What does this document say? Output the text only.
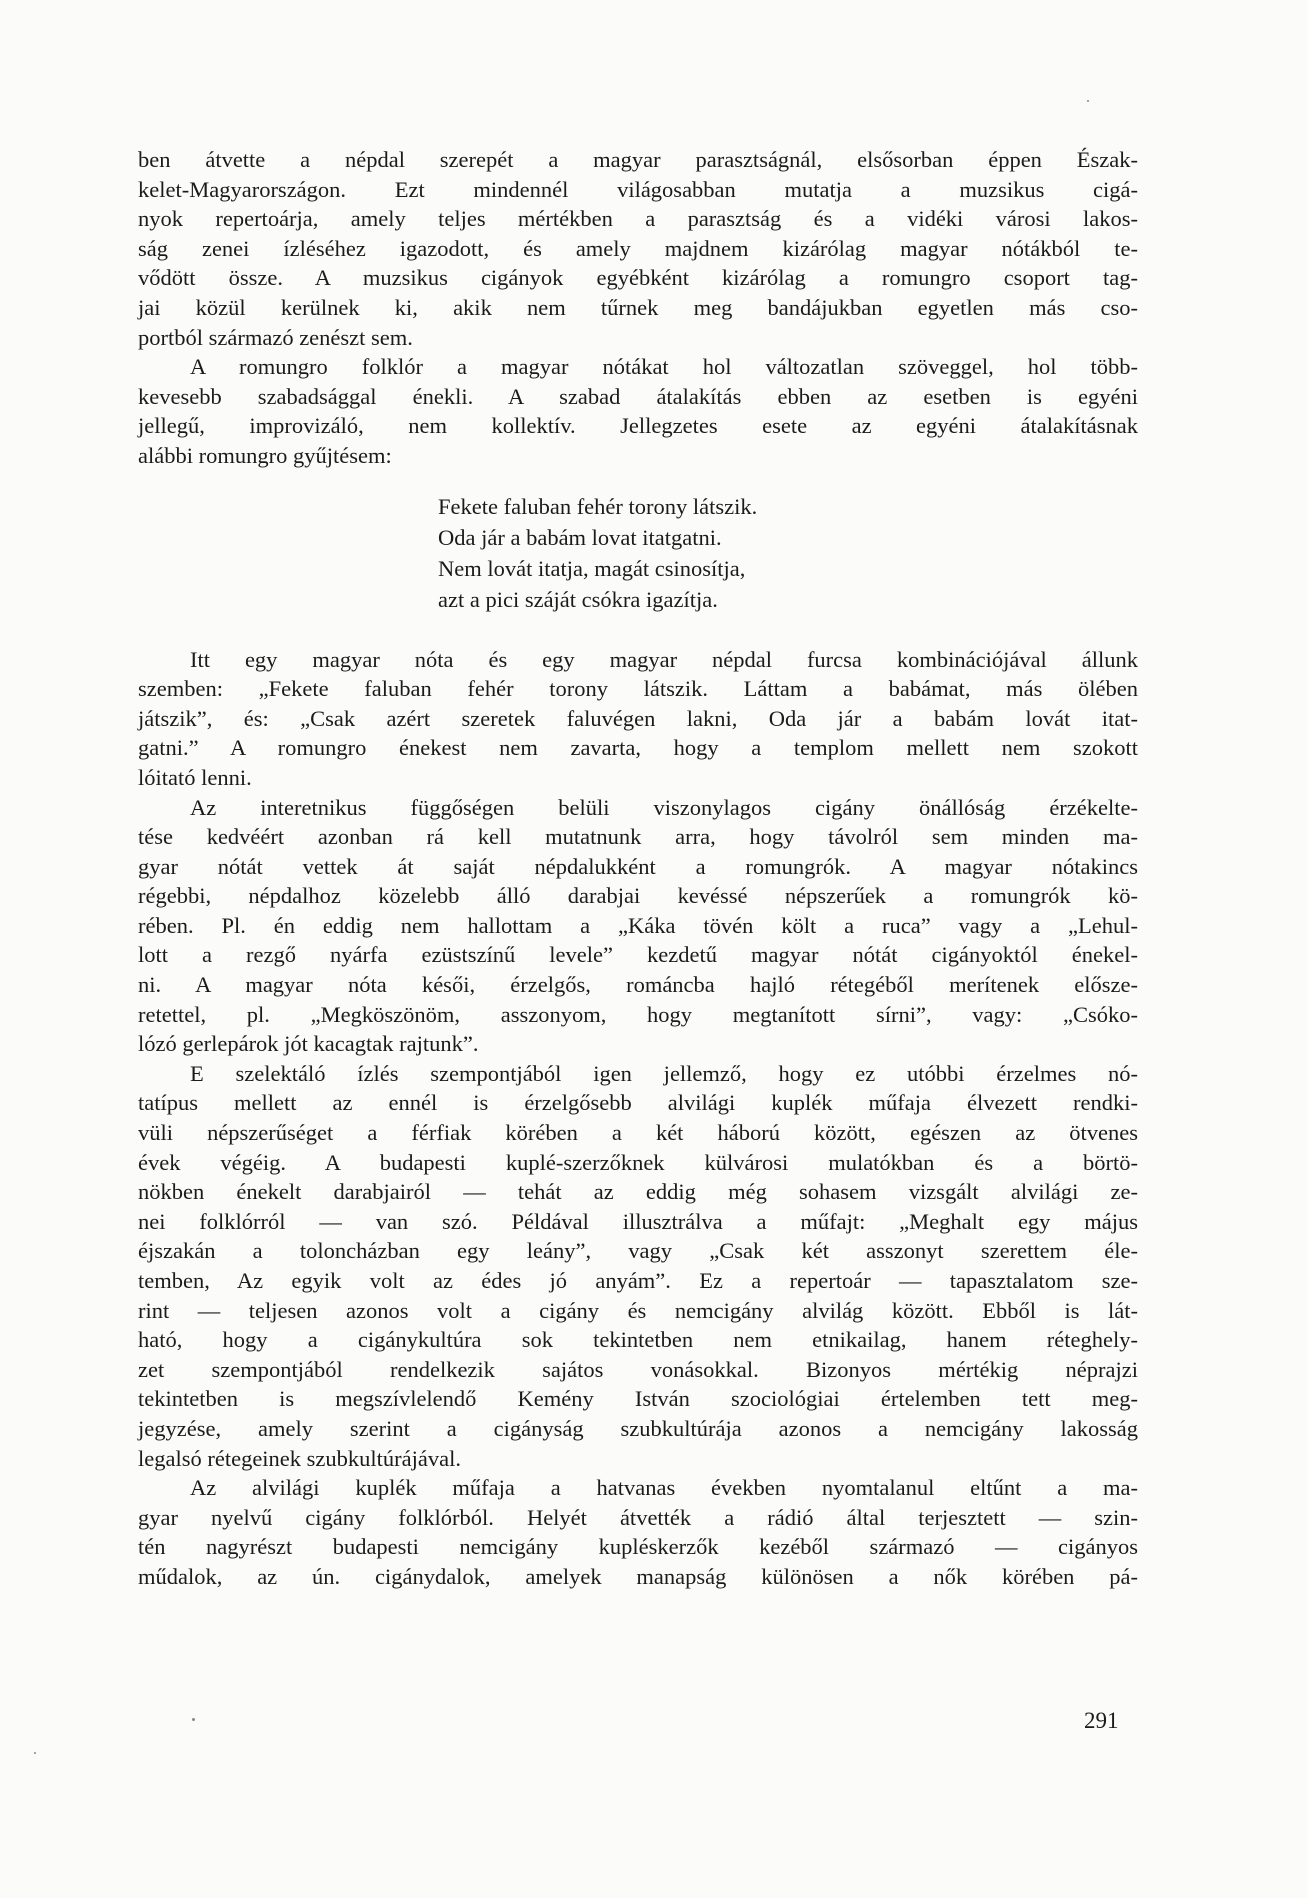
ben átvette a népdal szerepét a magyar parasztságnál, elsősorban éppen Észak-
kelet-Magyarországon. Ezt mindennél világosabban mutatja a muzsikus cigá-
nyok repertoárja, amely teljes mértékben a parasztság és a vidéki városi lakos-
ság zenei ízléséhez igazodott, és amely majdnem kizárólag magyar nótákból te-
vődött össze. A muzsikus cigányok egyébként kizárólag a romungro csoport tag-
jai közül kerülnek ki, akik nem tűrnek meg bandájukban egyetlen más cso-
portból származó zenészt sem.
A romungro folklór a magyar nótákat hol változatlan szöveggel, hol több-
kevesebb szabadsággal énekli. A szabad átalakítás ebben az esetben is egyéni
jellegű, improvizáló, nem kollektív. Jellegzetes esete az egyéni átalakításnak
alábbi romungro gyűjtésem:
Fekete faluban fehér torony látszik.
Oda jár a babám lovat itatgatni.
Nem lovát itatja, magát csinosítja,
azt a pici száját csókra igazítja.
Itt egy magyar nóta és egy magyar népdal furcsa kombinációjával állunk
szemben: „Fekete faluban fehér torony látszik. Láttam a babámat, más ölében
játszik”, és: „Csak azért szeretek faluvégen lakni, Oda jár a babám lovát itat-
gatni.” A romungro énekest nem zavarta, hogy a templom mellett nem szokott
lóitató lenni.
Az interetnikus függőségen belüli viszonylagos cigány önállóság érzékelte-
tése kedvéért azonban rá kell mutatnunk arra, hogy távolról sem minden ma-
gyar nótát vettek át saját népdalukként a romungrók. A magyar nótakincs
régebbi, népdalhoz közelebb álló darabjai kevéssé népszerűek a romungrók kö-
rében. Pl. én eddig nem hallottam a „Káka tövén költ a ruca” vagy a „Lehul-
lott a rezgő nyárfa ezüstszínű levele” kezdetű magyar nótát cigányoktól énekel-
ni. A magyar nóta késői, érzelgős, románcba hajló rétegéből merítenek elősze-
retettel, pl. „Megköszönöm, asszonyom, hogy megtanított sírni”, vagy: „Csóko-
lózó gerlepárok jót kacagtak rajtunk”.
E szelektáló ízlés szempontjából igen jellemző, hogy ez utóbbi érzelmes nó-
tatípus mellett az ennél is érzelgősebb alvilági kuplék műfaja élvezett rendki-
vüli népszerűséget a férfiak körében a két háború között, egészen az ötvenes
évek végéig. A budapesti kuplé-szerzőknek külvárosi mulatókban és a börtö-
nökben énekelt darabjairól — tehát az eddig még sohasem vizsgált alvilági ze-
nei folklórról — van szó. Példával illusztrálva a műfajt: „Meghalt egy május
éjszakán a toloncházban egy leány”, vagy „Csak két asszonyt szerettem éle-
temben, Az egyik volt az édes jó anyám”. Ez a repertoár — tapasztalatom sze-
rint — teljesen azonos volt a cigány és nemcigány alvilág között. Ebből is lát-
ható, hogy a cigánykultúra sok tekintetben nem etnikailag, hanem réteghely-
zet szempontjából rendelkezik sajátos vonásokkal. Bizonyos mértékig néprajzi
tekintetben is megszívlelendő Kemény István szociológiai értelemben tett meg-
jegyzése, amely szerint a cigányság szubkultúrája azonos a nemcigány lakosság
legalsó rétegeinek szubkultúrájával.
Az alvilági kuplék műfaja a hatvanas években nyomtalanul eltűnt a ma-
gyar nyelvű cigány folklórból. Helyét átvették a rádió által terjesztett — szin-
tén nagyrészt budapesti nemcigány kupléskerzők kezéből származó — cigányos
műdalok, az ún. cigánydalok, amelyek manapság különösen a nők körében pá-
291
